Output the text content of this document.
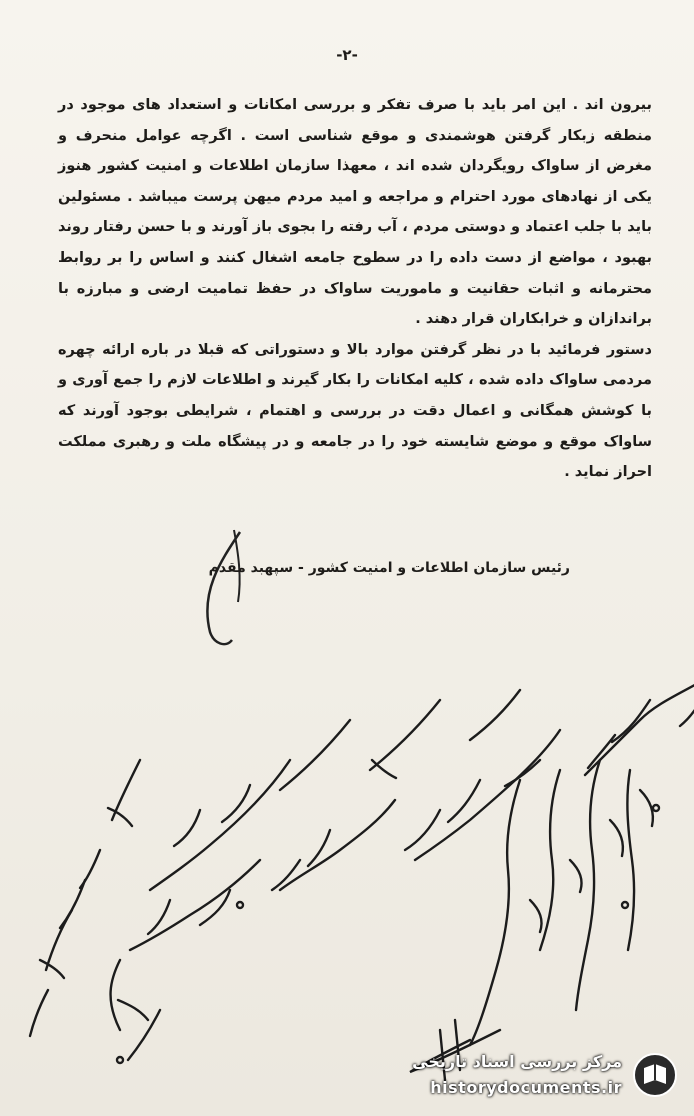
-۲-

بیرون اند . این امر باید با صرف تفکر و بررسی امکانات و استعداد های موجود در منطقه زبکار گرفتن هوشمندی و موقع شناسی است . اگرچه عوامل منحرف و مغرض از ساواک رویگردان شده اند ، معهذا سازمان اطلاعات و امنیت کشور هنوز یکی از نهادهای مورد احترام و مراجعه و امید مردم میهن پرست میباشد . مسئولین باید با جلب اعتماد و دوستی مردم ، آب رفته را بجوی باز آورند و با حسن رفتار روند بهبود ، مواضع از دست داده را در سطوح جامعه اشغال کنند و اساس را بر روابط محترمانه و اثبات حقانیت و ماموریت ساواک در حفظ تمامیت ارضی و مبارزه با براندازان و خرابکاران قرار دهند .

دستور فرمائید با در نظر گرفتن موارد بالا و دستوراتی که قبلا در باره ارائه چهره مردمی ساواک داده شده ، کلیه امکانات را بکار گیرند و اطلاعات لازم را جمع آوری و با کوشش همگانی و اعمال دقت در بررسی و اهتمام ، شرایطی بوجود آورند که ساواک موقع و موضع شایسته خود را در جامعه و در پیشگاه ملت و رهبری مملکت احراز نماید .

رئیس سازمان اطلاعات و امنیت کشور - سپهبد مقدم
مرکز بررسی اسناد تاریخی
historydocuments.ir
